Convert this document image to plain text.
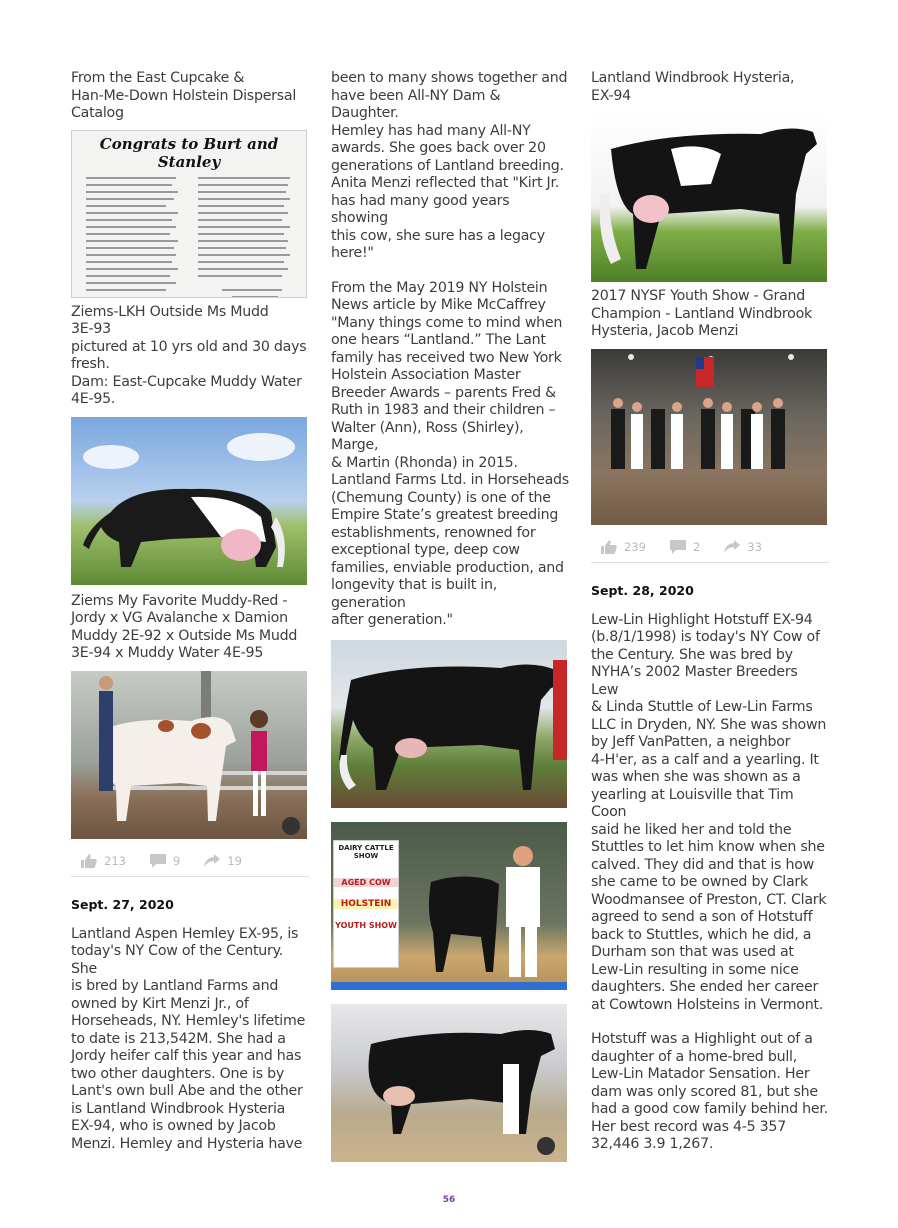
From the East Cupcake &

Han-Me-Down Holstein Dispersal

Catalog

Congrats to Burt and Stanley

Ziems-LKH Outside Ms Mudd

3E-93

pictured at 10 yrs old and 30 days

fresh.

Dam: East-Cupcake Muddy Water

4E-95.

Ziems My Favorite Muddy-Red -

Jordy x VG Avalanche x Damion

Muddy 2E-92 x Outside Ms Mudd

3E-94 x Muddy Water 4E-95

213	9	19
Sept. 27, 2020

Lantland Aspen Hemley EX-95, is

today's NY Cow of the Century. She

is bred by Lantland Farms and

owned by Kirt Menzi Jr., of

Horseheads, NY. Hemley's lifetime

to date is 213,542M. She had a

Jordy heifer calf this year and has

two other daughters. One is by

Lant's own bull Abe and the other

is Lantland Windbrook Hysteria

EX-94, who is owned by Jacob

Menzi. Hemley and Hysteria have

been to many shows together and

have been All-NY Dam & Daughter.

Hemley has had many All-NY

awards. She goes back over 20

generations of Lantland breeding.

Anita Menzi reflected that "Kirt Jr.

has had many good years showing

this cow, she sure has a legacy

here!"

From the May 2019 NY Holstein

News article by Mike McCaffrey

"Many things come to mind when

one hears “Lantland.” The Lant

family has received two New York

Holstein Association Master

Breeder Awards – parents Fred &

Ruth in 1983 and their children –

Walter (Ann), Ross (Shirley), Marge,

& Martin (Rhonda) in 2015.

Lantland Farms Ltd. in Horseheads

(Chemung County) is one of the

Empire State’s greatest breeding

establishments, renowned for

exceptional type, deep cow

families, enviable production, and

longevity that is built in, generation

after generation."

DAIRY CATTLE SHOW
AGED COW
HOLSTEIN
YOUTH SHOW

Lantland Windbrook Hysteria,

EX-94

2017 NYSF Youth Show - Grand

Champion - Lantland Windbrook

Hysteria, Jacob Menzi

239	2	33
Sept. 28, 2020

Lew-Lin Highlight Hotstuff EX-94

(b.8/1/1998) is today's NY Cow of

the Century. She was bred by

NYHA’s 2002 Master Breeders Lew

& Linda Stuttle of Lew-Lin Farms

LLC in Dryden, NY. She was shown

by Jeff VanPatten, a neighbor

4-H'er, as a calf and a yearling. It

was when she was shown as a

yearling at Louisville that Tim Coon

said he liked her and told the

Stuttles to let him know when she

calved. They did and that is how

she came to be owned by Clark

Woodmansee of Preston, CT. Clark

agreed to send a son of Hotstuff

back to Stuttles, which he did, a

Durham son that was used at

Lew-Lin resulting in some nice

daughters. She ended her career

at Cowtown Holsteins in Vermont.

Hotstuff was a Highlight out of a

daughter of a home-bred bull,

Lew-Lin Matador Sensation. Her

dam was only scored 81, but she

had a good cow family behind her.

Her best record was 4-5 357

32,446 3.9 1,267.

56
